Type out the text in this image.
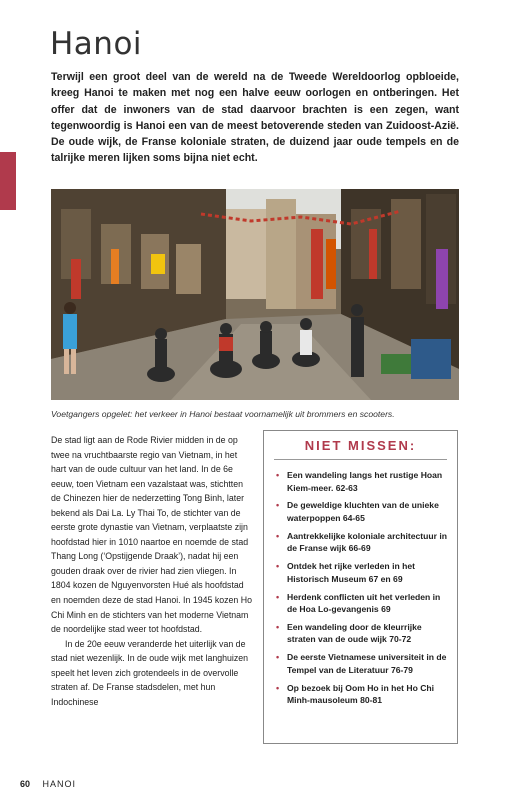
Hanoi

Terwijl een groot deel van de wereld na de Tweede Wereldoorlog opbloeide, kreeg Hanoi te maken met nog een halve eeuw oorlogen en ontberingen. Het offer dat de inwoners van de stad daarvoor brachten is een zegen, want tegenwoordig is Hanoi een van de meest betoverende steden van Zuidoost-Azië. De oude wijk, de Franse koloniale straten, de duizend jaar oude tempels en de talrijke meren lijken soms bijna niet echt.

Voetgangers opgelet: het verkeer in Hanoi bestaat voornamelijk uit brommers en scooters.

De stad ligt aan de Rode Rivier midden in de op twee na vruchtbaarste regio van Vietnam, in het hart van de oude cultuur van het land. In de 6e eeuw, toen Vietnam een vazalstaat was, stichtten de Chinezen hier de nederzetting Tong Binh, later bekend als Dai La. Ly Thai To, de stichter van de eerste grote dynastie van Vietnam, verplaatste zijn hoofdstad hier in 1010 naartoe en noemde de stad Thang Long (‘Opstijgende Draak’), nadat hij een gouden draak over de rivier had zien vliegen. In 1804 kozen de Nguyenvorsten Hué als hoofdstad en noemden deze de stad Hanoi. In 1945 kozen Ho Chi Minh en de stichters van het moderne Vietnam de noordelijke stad weer tot hoofdstad.

In de 20e eeuw veranderde het uiterlijk van de stad niet wezenlijk. In de oude wijk met langhuizen speelt het leven zich grotendeels in de overvolle straten af. De Franse stadsdelen, met hun Indochinese

NIET MISSEN:
• Een wandeling langs het rustige Hoan Kiem-meer. 62-63
• De geweldige kluchten van de unieke waterpoppen 64-65
• Aantrekkelijke koloniale architectuur in de Franse wijk 66-69
• Ontdek het rijke verleden in het Historisch Museum 67 en 69
• Herdenk conflicten uit het verleden in de Hoa Lo-gevangenis 69
• Een wandeling door de kleurrijke straten van de oude wijk 70-72
• De eerste Vietnamese universiteit in de Tempel van de Literatuur 76-79
• Op bezoek bij Oom Ho in het Ho Chi Minh-mausoleum 80-81
60 HANOI
